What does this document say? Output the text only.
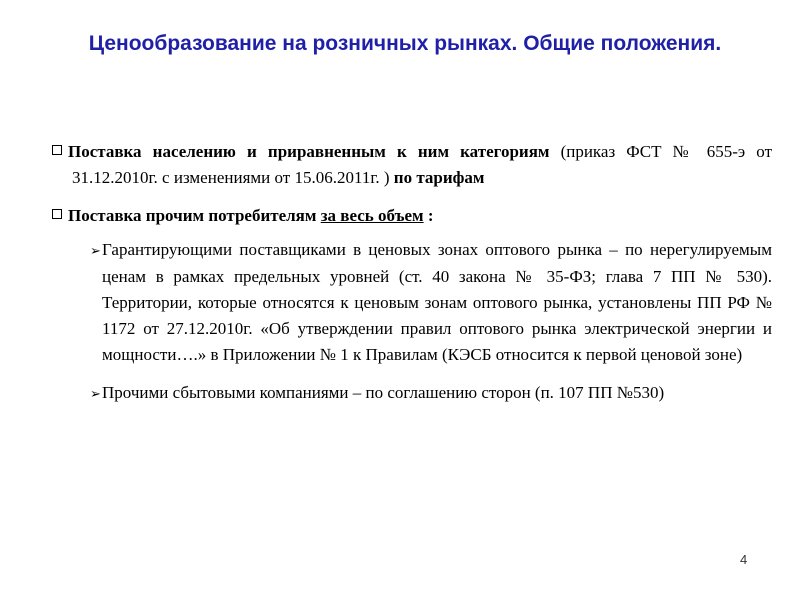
Ценообразование на розничных рынках. Общие положения.

Поставка населению и приравненным к ним категориям (приказ ФСТ № 655-э от 31.12.2010г. с изменениями от 15.06.2011г. ) по тарифам

Поставка прочим потребителям за весь объем :

➢Гарантирующими поставщиками в ценовых зонах оптового рынка – по нерегулируемым ценам в рамках предельных уровней (ст. 40 закона № 35-ФЗ; глава 7 ПП № 530). Территории, которые относятся к ценовым зонам оптового рынка, установлены ПП РФ № 1172 от 27.12.2010г. «Об утверждении правил оптового рынка электрической энергии и мощности….» в Приложении № 1 к Правилам (КЭСБ относится к первой ценовой зоне)
➢Прочими сбытовыми компаниями – по соглашению сторон (п. 107 ПП №530)
4
